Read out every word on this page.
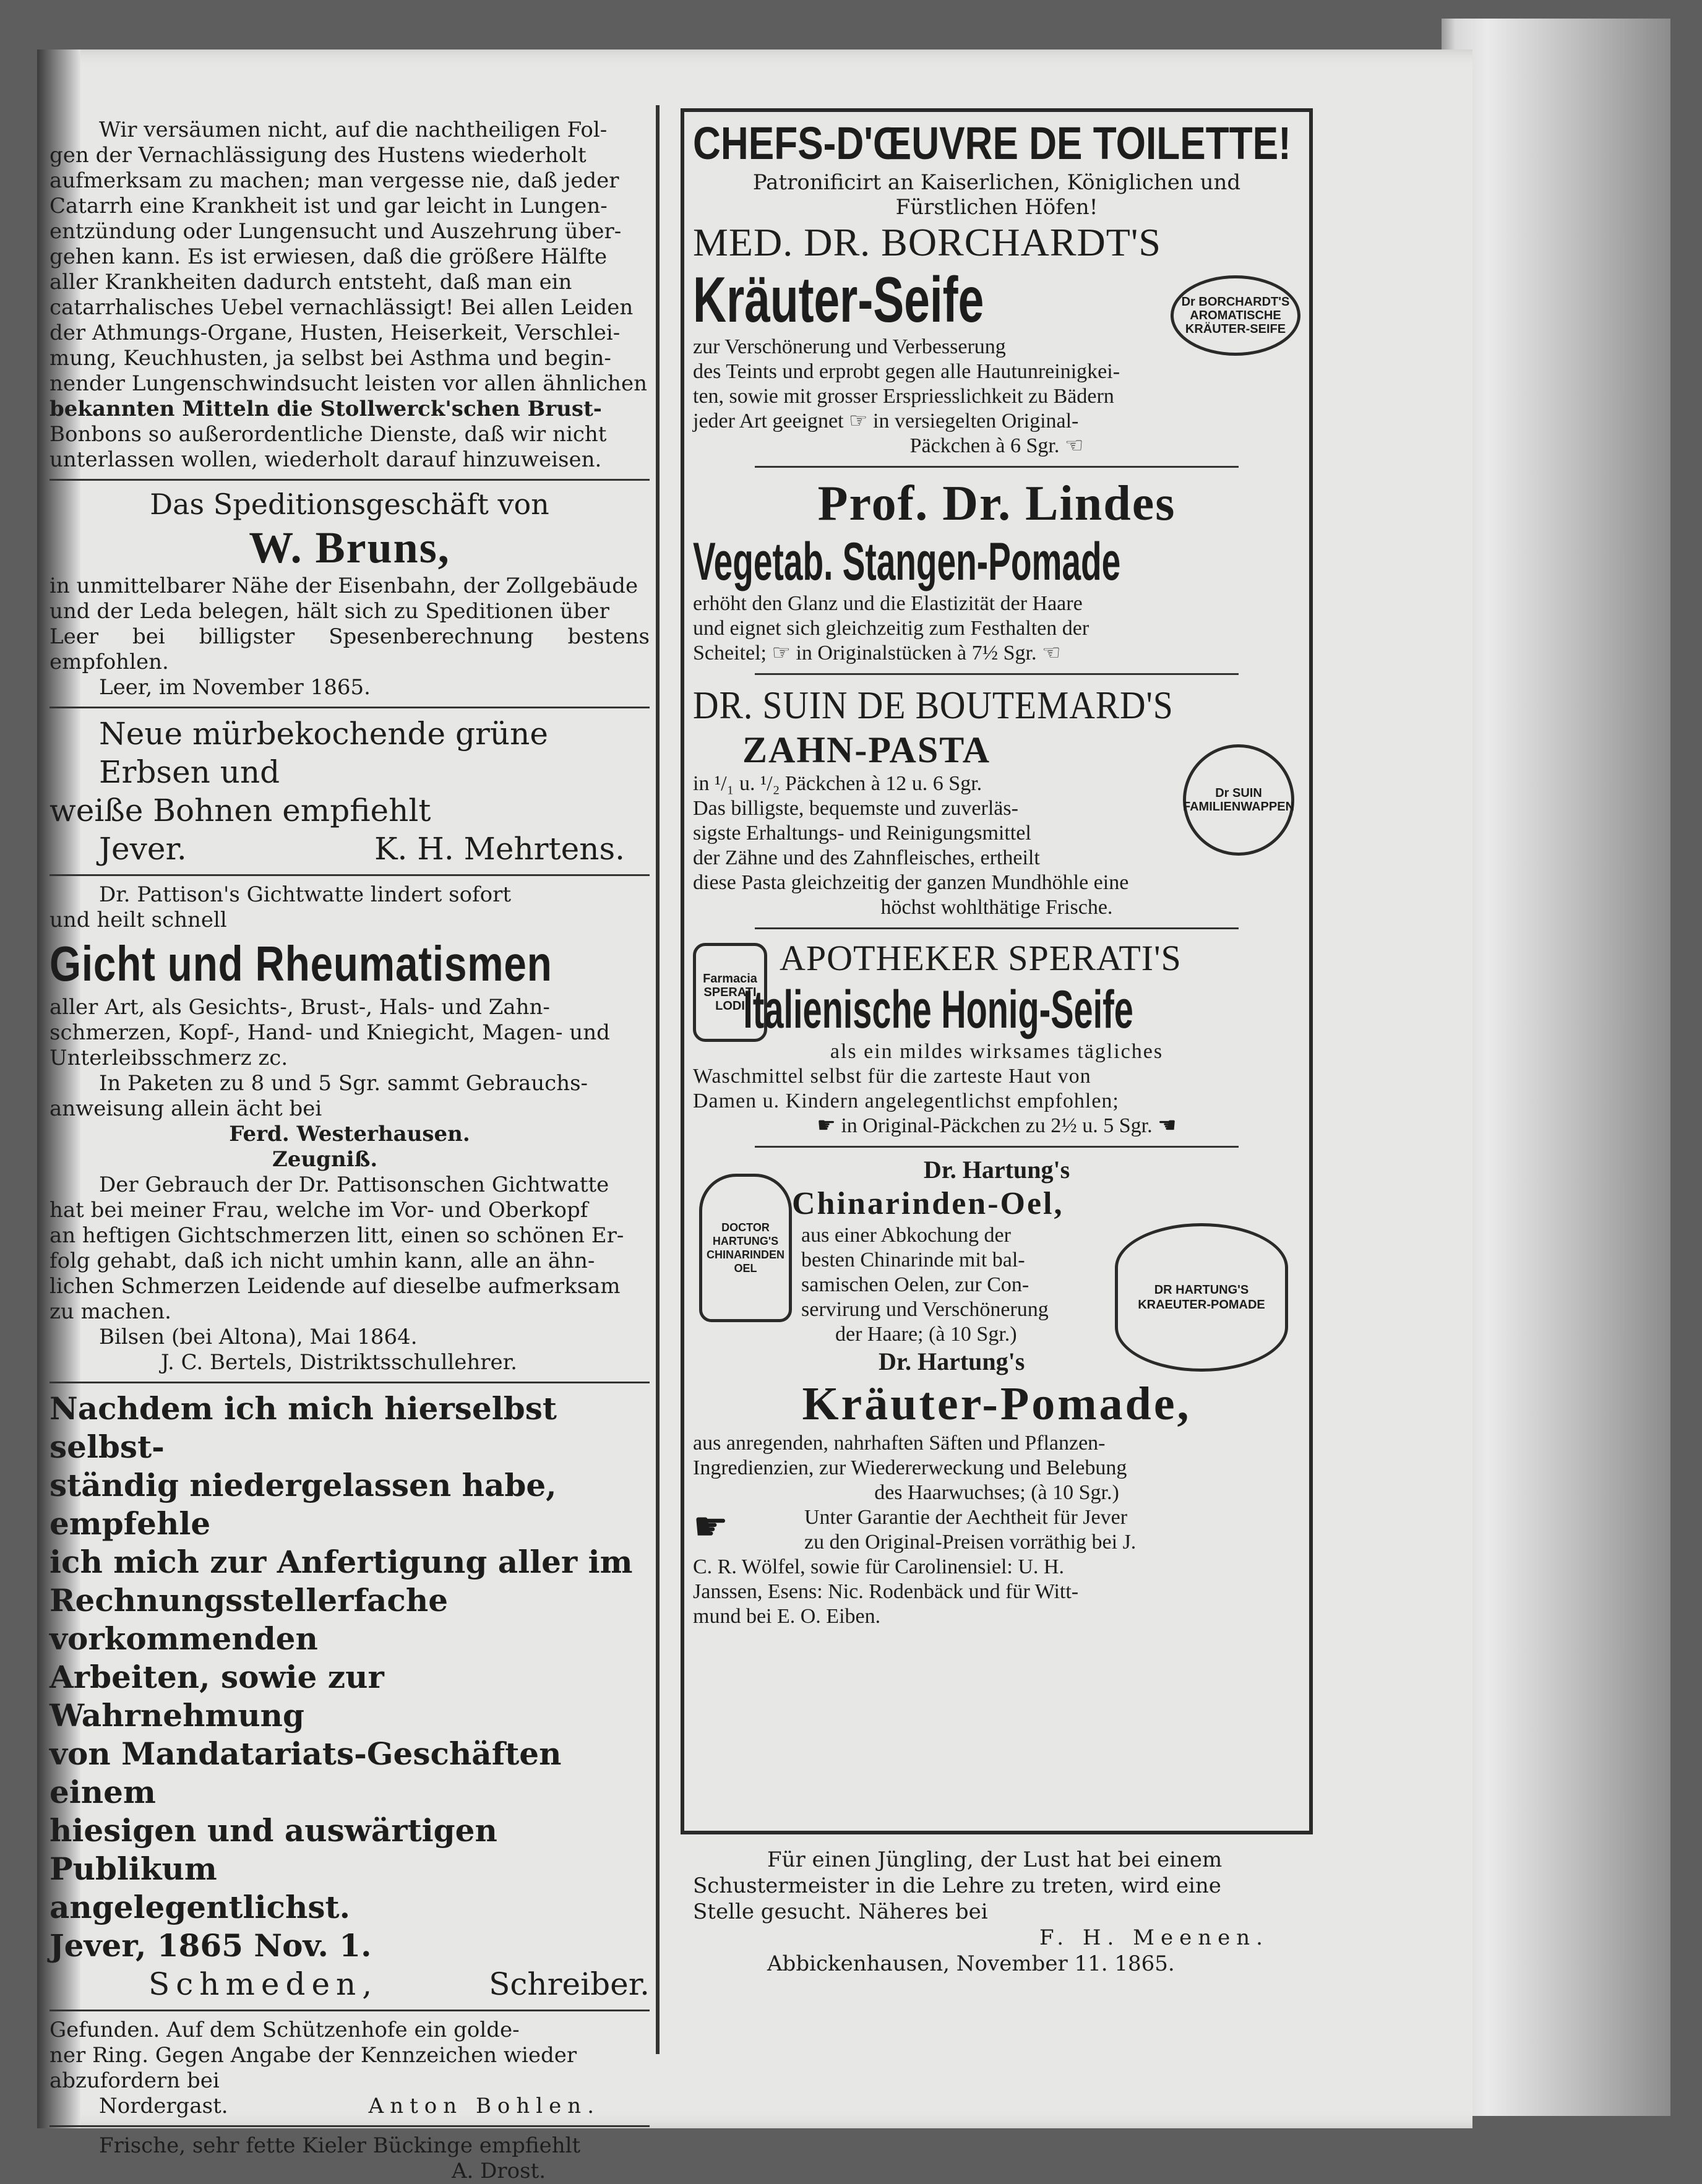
Wir versäumen nicht, auf die nachtheiligen Fol-

gen der Vernachlässigung des Hustens wiederholt

aufmerksam zu machen; man vergesse nie, daß jeder

Catarrh eine Krankheit ist und gar leicht in Lungen-

entzündung oder Lungensucht und Auszehrung über-

gehen kann. Es ist erwiesen, daß die größere Hälfte

aller Krankheiten dadurch entsteht, daß man ein

catarrhalisches Uebel vernachlässigt! Bei allen Leiden

der Athmungs-Organe, Husten, Heiserkeit, Verschlei-

mung, Keuchhusten, ja selbst bei Asthma und begin-

nender Lungenschwindsucht leisten vor allen ähnlichen

bekannten Mitteln die Stollwerck'schen Brust-

Bonbons so außerordentliche Dienste, daß wir nicht

unterlassen wollen, wiederholt darauf hinzuweisen.

Das Speditionsgeschäft von
W. Bruns,
in unmittelbarer Nähe der Eisenbahn, der Zollgebäude
und der Leda belegen, hält sich zu Speditionen über
Leer bei billigster Spesenberechnung bestens empfohlen.
Leer, im November 1865.
Neue mürbekochende grüne Erbsen und
weiße Bohnen empfiehlt
Jever.	K. H. Mehrtens.
Dr. Pattison's Gichtwatte lindert sofort
und heilt schnell
Gicht und Rheumatismen
aller Art, als Gesichts-, Brust-, Hals- und Zahn-
schmerzen, Kopf-, Hand- und Kniegicht, Magen- und
Unterleibsschmerz zc.
In Paketen zu 8 und 5 Sgr. sammt Gebrauchs-
anweisung allein ächt bei
Ferd. Westerhausen.
Zeugniß.
Der Gebrauch der Dr. Pattisonschen Gichtwatte
hat bei meiner Frau, welche im Vor- und Oberkopf
an heftigen Gichtschmerzen litt, einen so schönen Er-
folg gehabt, daß ich nicht umhin kann, alle an ähn-
lichen Schmerzen Leidende auf dieselbe aufmerksam
zu machen.
Bilsen (bei Altona), Mai 1864.
J. C. Bertels, Distriktsschullehrer.
Nachdem ich mich hierselbst selbst-
ständig niedergelassen habe, empfehle
ich mich zur Anfertigung aller im
Rechnungsstellerfache vorkommenden
Arbeiten, sowie zur Wahrnehmung
von Mandatariats-Geschäften einem
hiesigen und auswärtigen Publikum
angelegentlichst.
Jever, 1865 Nov. 1.
Schmeden,	Schreiber.
Gefunden. Auf dem Schützenhofe ein golde-
ner Ring. Gegen Angabe der Kennzeichen wieder
abzufordern bei
Nordergast.	Anton Bohlen.
Frische, sehr fette Kieler Bückinge empfiehlt
A. Drost.
CHEFS-D'ŒUVRE DE TOILETTE!
Patronificirt an Kaiserlichen, Königlichen und
Fürstlichen Höfen!
MED. DR. BORCHARDT'S
Kräuter-Seife	Dr BORCHARDT'S AROMATISCHE KRÄUTER-SEIFE
zur Verschönerung und Verbesserung
des Teints und erprobt gegen alle Hautunreinigkei-
ten, sowie mit grosser Erspriesslichkeit zu Bädern
jeder Art geeignet ☞ in versiegelten Original-
Päckchen à 6 Sgr. ☜
Prof. Dr. Lindes
Vegetab. Stangen-Pomade
erhöht den Glanz und die Elastizität der Haare
und eignet sich gleichzeitig zum Festhalten der
Scheitel; ☞ in Originalstücken à 7½ Sgr. ☜
DR. SUIN DE BOUTEMARD'S
ZAHN-PASTA
Dr SUIN FAMILIENWAPPEN
in ¹/₁ u. ¹/₂ Päckchen à 12 u. 6 Sgr.
Das billigste, bequemste und zuverläs-
sigste Erhaltungs- und Reinigungsmittel
der Zähne und des Zahnfleisches, ertheilt
diese Pasta gleichzeitig der ganzen Mundhöhle eine
höchst wohlthätige Frische.
Farmacia SPERATI LODI
APOTHEKER SPERATI'S
Italienische Honig-Seife
als ein mildes wirksames tägliches
Waschmittel selbst für die zarteste Haut von
Damen u. Kindern angelegentlichst empfohlen;
☛ in Original-Päckchen zu 2½ u. 5 Sgr. ☚
DOCTOR HARTUNG'S CHINARINDEN OEL
DR HARTUNG'S KRAEUTER-POMADE
Dr. Hartung's
Chinarinden-Oel,
aus einer Abkochung der
besten Chinarinde mit bal-
samischen Oelen, zur Con-
servirung und Verschönerung
der Haare; (à 10 Sgr.)
Dr. Hartung's
Kräuter-Pomade,
aus anregenden, nahrhaften Säften und Pflanzen-
Ingredienzien, zur Wiedererweckung und Belebung
des Haarwuchses; (à 10 Sgr.)
☛	Unter Garantie der Aechtheit für Jever
zu den Original-Preisen vorräthig bei J.
C. R. Wölfel, sowie für Carolinensiel: U. H.
Janssen, Esens: Nic. Rodenbäck und für Witt-
mund bei E. O. Eiben.
Für einen Jüngling, der Lust hat bei einem
Schustermeister in die Lehre zu treten, wird eine
Stelle gesucht. Näheres bei
F. H. Meenen.
Abbickenhausen, November 11. 1865.
